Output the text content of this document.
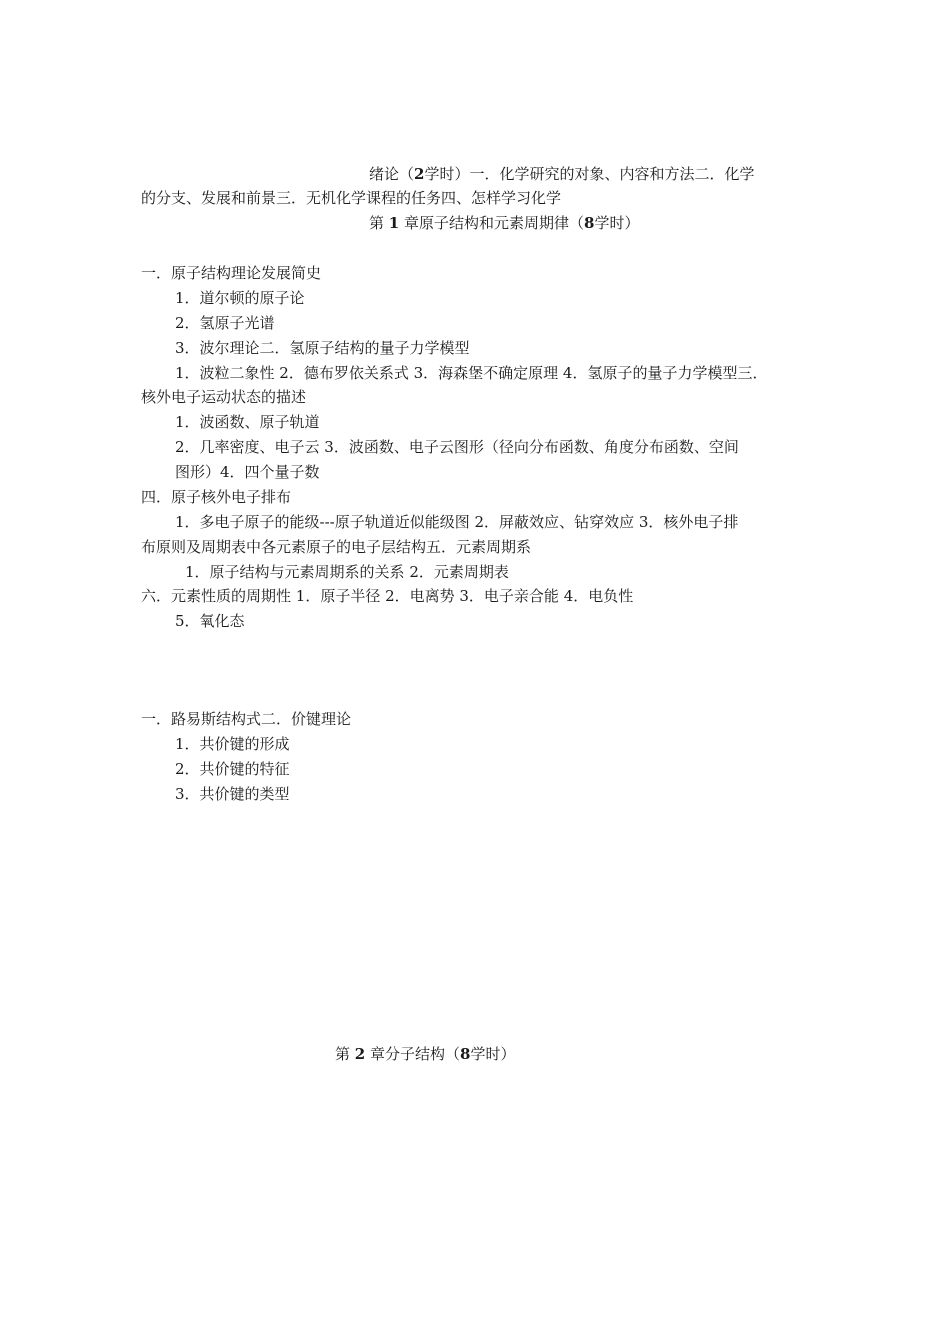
绪论（2学时）一．化学研究的对象、内容和方法二．化学
的分支、发展和前景三．无机化学课程的任务四、怎样学习化学
第 1 章原子结构和元素周期律（8学时）
一．原子结构理论发展简史
1．道尔顿的原子论
2．氢原子光谱
3．波尔理论二．氢原子结构的量子力学模型
1．波粒二象性 2．德布罗依关系式 3．海森堡不确定原理 4．氢原子的量子力学模型三．
核外电子运动状态的描述
1．波函数、原子轨道
2．几率密度、电子云 3．波函数、电子云图形（径向分布函数、角度分布函数、空间
图形）4．四个量子数
四．原子核外电子排布
1．多电子原子的能级---原子轨道近似能级图 2．屏蔽效应、钻穿效应 3．核外电子排
布原则及周期表中各元素原子的电子层结构五．元素周期系
1．原子结构与元素周期系的关系 2．元素周期表
六．元素性质的周期性 1．原子半径 2．电离势 3．电子亲合能 4．电负性
5．氧化态
一．路易斯结构式二．价键理论
1．共价键的形成
2．共价键的特征
3．共价键的类型
第 2 章分子结构（8学时）
